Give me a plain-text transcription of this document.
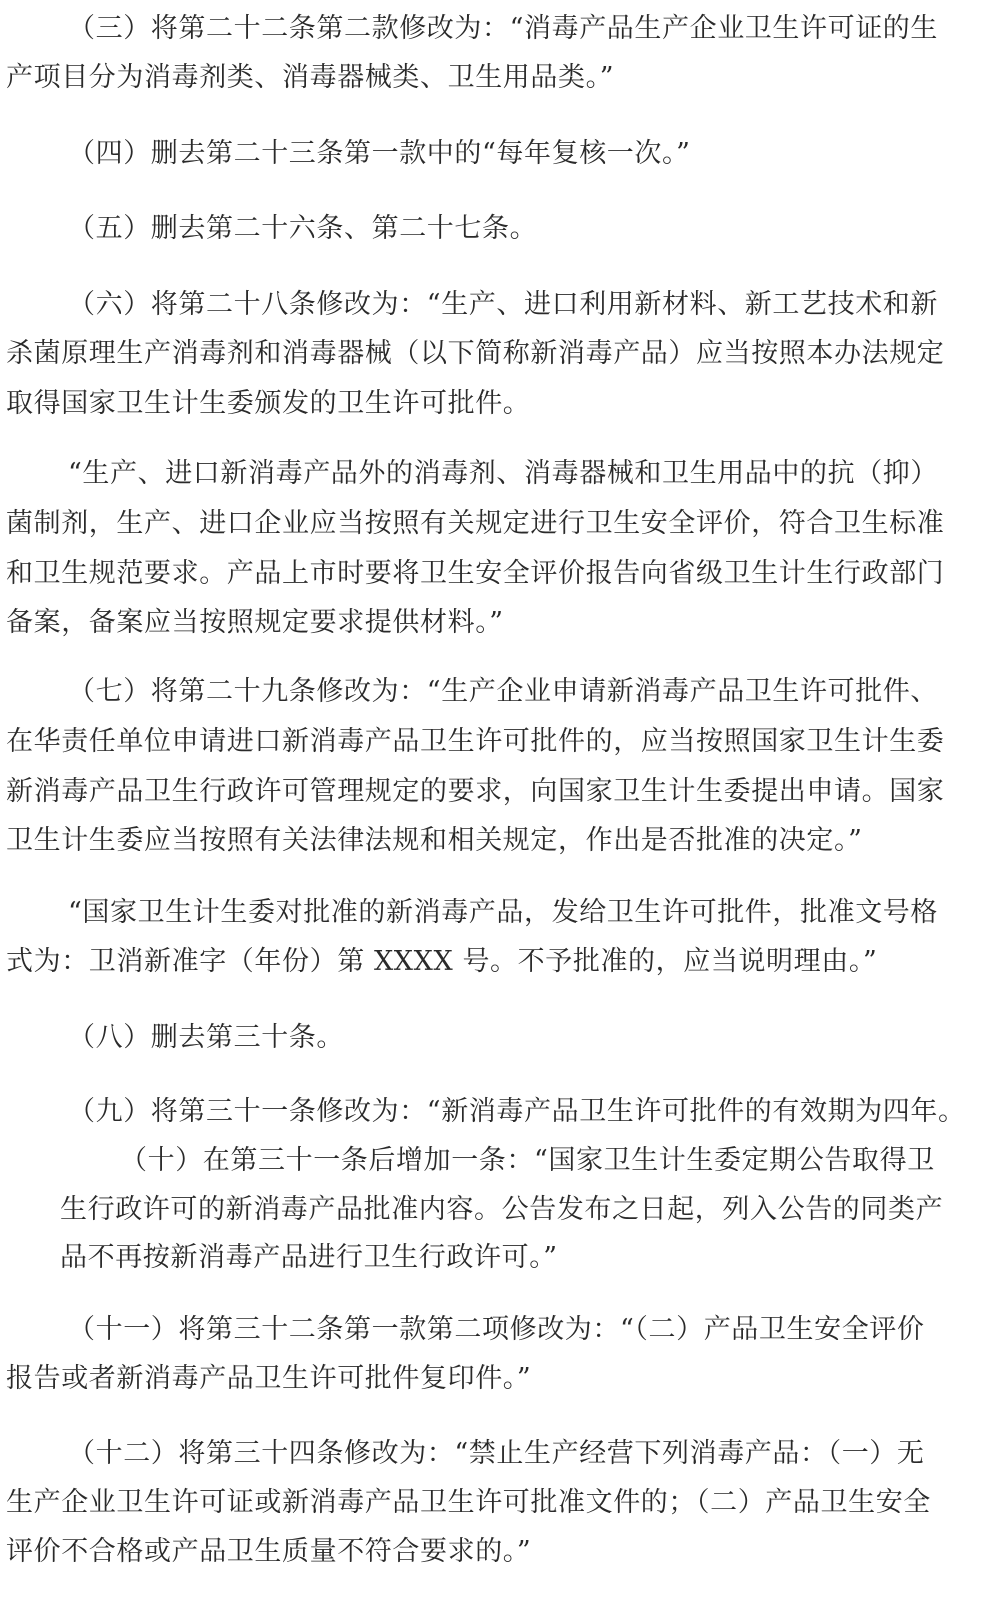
（三）将第二十二条第二款修改为：“消毒产品生产企业卫生许可证的生
产项目分为消毒剂类、消毒器械类、卫生用品类。”
（四）删去第二十三条第一款中的“每年复核一次。”
（五）删去第二十六条、第二十七条。
（六）将第二十八条修改为：“生产、进口利用新材料、新工艺技术和新
杀菌原理生产消毒剂和消毒器械（以下简称新消毒产品）应当按照本办法规定
取得国家卫生计生委颁发的卫生许可批件。
“生产、进口新消毒产品外的消毒剂、消毒器械和卫生用品中的抗（抑）
菌制剂，生产、进口企业应当按照有关规定进行卫生安全评价，符合卫生标准
和卫生规范要求。产品上市时要将卫生安全评价报告向省级卫生计生行政部门
备案，备案应当按照规定要求提供材料。”
（七）将第二十九条修改为：“生产企业申请新消毒产品卫生许可批件、
在华责任单位申请进口新消毒产品卫生许可批件的，应当按照国家卫生计生委
新消毒产品卫生行政许可管理规定的要求，向国家卫生计生委提出申请。国家
卫生计生委应当按照有关法律法规和相关规定，作出是否批准的决定。”
“国家卫生计生委对批准的新消毒产品，发给卫生许可批件，批准文号格
式为：卫消新准字（年份）第 XXXX 号。不予批准的，应当说明理由。”
（八）删去第三十条。
（九）将第三十一条修改为：“新消毒产品卫生许可批件的有效期为四年。
（十）在第三十一条后增加一条：“国家卫生计生委定期公告取得卫
生行政许可的新消毒产品批准内容。公告发布之日起，列入公告的同类产
品不再按新消毒产品进行卫生行政许可。”
（十一）将第三十二条第一款第二项修改为：“（二）产品卫生安全评价
报告或者新消毒产品卫生许可批件复印件。”
（十二）将第三十四条修改为：“禁止生产经营下列消毒产品：（一）无
生产企业卫生许可证或新消毒产品卫生许可批准文件的；（二）产品卫生安全
评价不合格或产品卫生质量不符合要求的。”
